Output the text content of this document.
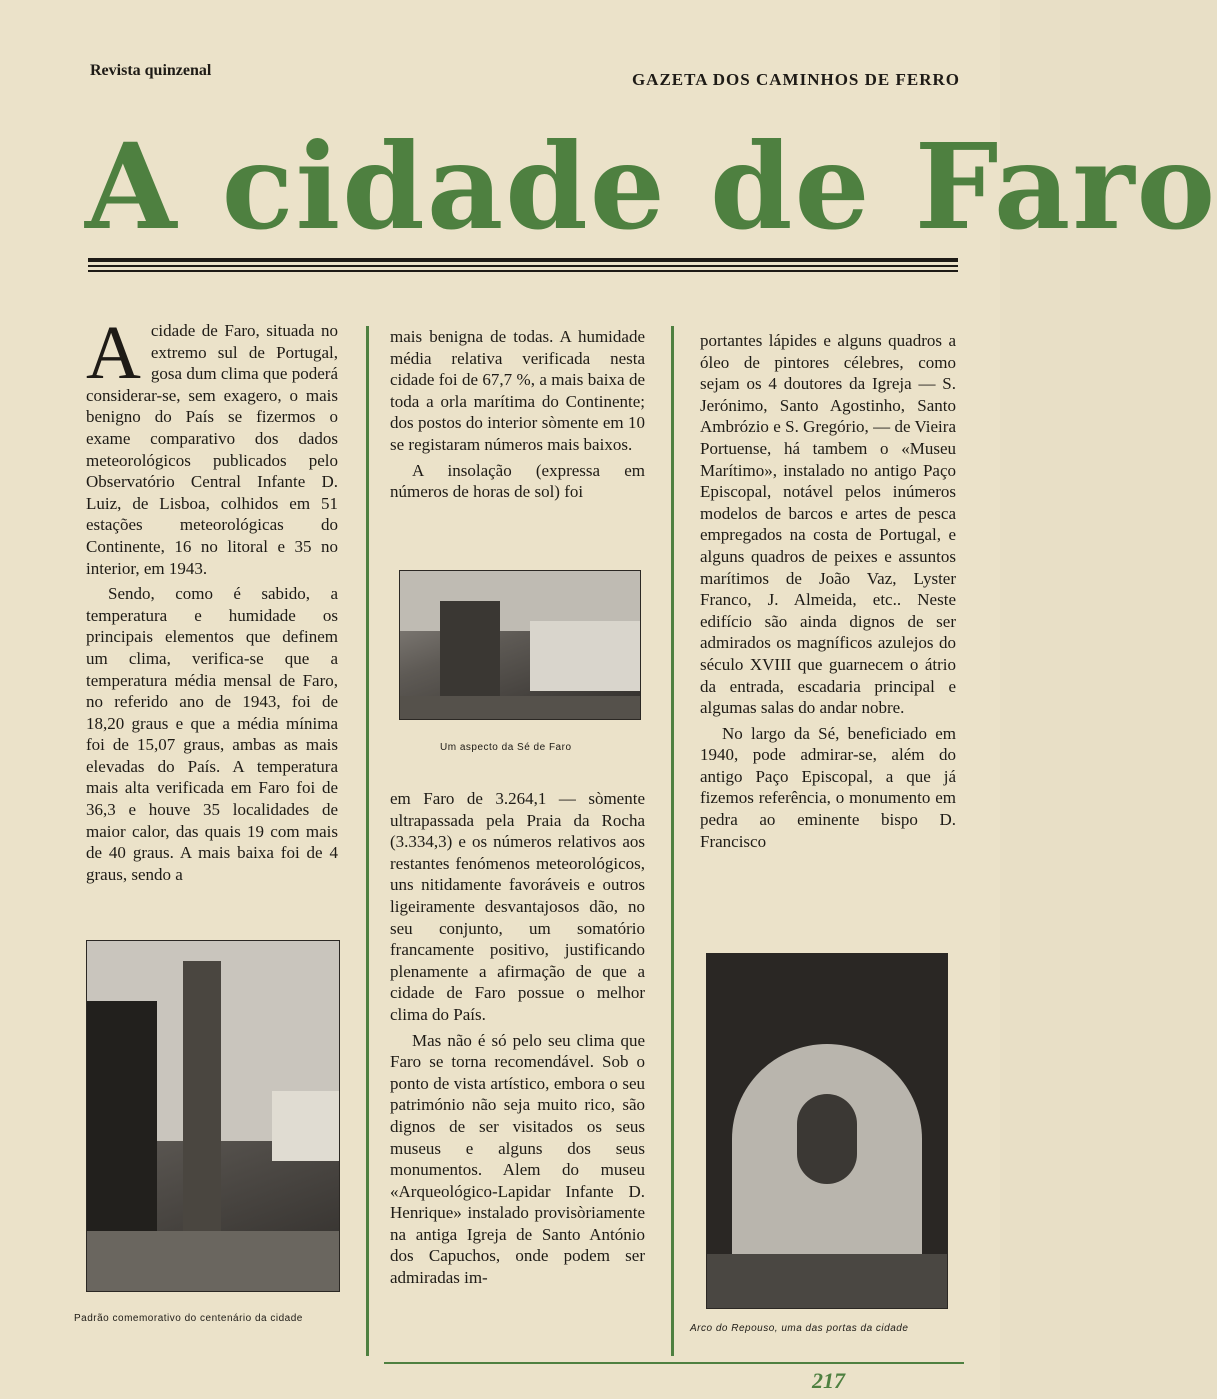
Revista quinzenal	GAZETA DOS CAMINHOS DE FERRO
A cidade de Faro
A cidade de Faro, situada no extremo sul de Portugal, gosa dum clima que poderá considerar-se, sem exagero, o mais benigno do País se fizermos o exame comparativo dos dados meteorológicos publicados pelo Observatório Central Infante D. Luiz, de Lisboa, colhidos em 51 estações meteorológicas do Continente, 16 no litoral e 35 no interior, em 1943.

Sendo, como é sabido, a temperatura e humidade os principais elementos que definem um clima, verifica-se que a temperatura média mensal de Faro, no referido ano de 1943, foi de 18,20 graus e que a média mínima foi de 15,07 graus, ambas as mais elevadas do País. A temperatura mais alta verificada em Faro foi de 36,3 e houve 35 localidades de maior calor, das quais 19 com mais de 40 graus. A mais baixa foi de 4 graus, sendo a

Padrão comemorativo do centenário da cidade

mais benigna de todas. A humidade média relativa verificada nesta cidade foi de 67,7 %, a mais baixa de toda a orla marítima do Continente; dos postos do interior sòmente em 10 se registaram números mais baixos.

A insolação (expressa em números de horas de sol) foi

Um aspecto da Sé de Faro

em Faro de 3.264,1 — sòmente ultrapassada pela Praia da Rocha (3.334,3) e os números relativos aos restantes fenómenos meteorológicos, uns nitidamente favoráveis e outros ligeiramente desvantajosos dão, no seu conjunto, um somatório francamente positivo, justificando plenamente a afirmação de que a cidade de Faro possue o melhor clima do País.

Mas não é só pelo seu clima que Faro se torna recomendável. Sob o ponto de vista artístico, embora o seu património não seja muito rico, são dignos de ser visitados os seus museus e alguns dos seus monumentos. Alem do museu «Arqueológico-Lapidar Infante D. Henrique» instalado provisòriamente na antiga Igreja de Santo António dos Capuchos, onde podem ser admiradas im-

portantes lápides e alguns quadros a óleo de pintores célebres, como sejam os 4 doutores da Igreja — S. Jerónimo, Santo Agostinho, Santo Ambrózio e S. Gregório, — de Vieira Portuense, há tambem o «Museu Marítimo», instalado no antigo Paço Episcopal, notável pelos inúmeros modelos de barcos e artes de pesca empregados na costa de Portugal, e alguns quadros de peixes e assuntos marítimos de João Vaz, Lyster Franco, J. Almeida, etc.. Neste edifício são ainda dignos de ser admirados os magníficos azulejos do século XVIII que guarnecem o átrio da entrada, escadaria principal e algumas salas do andar nobre.

No largo da Sé, beneficiado em 1940, pode admirar-se, além do antigo Paço Episcopal, a que já fizemos referência, o monumento em pedra ao eminente bispo D. Francisco

Arco do Repouso, uma das portas da cidade
217
